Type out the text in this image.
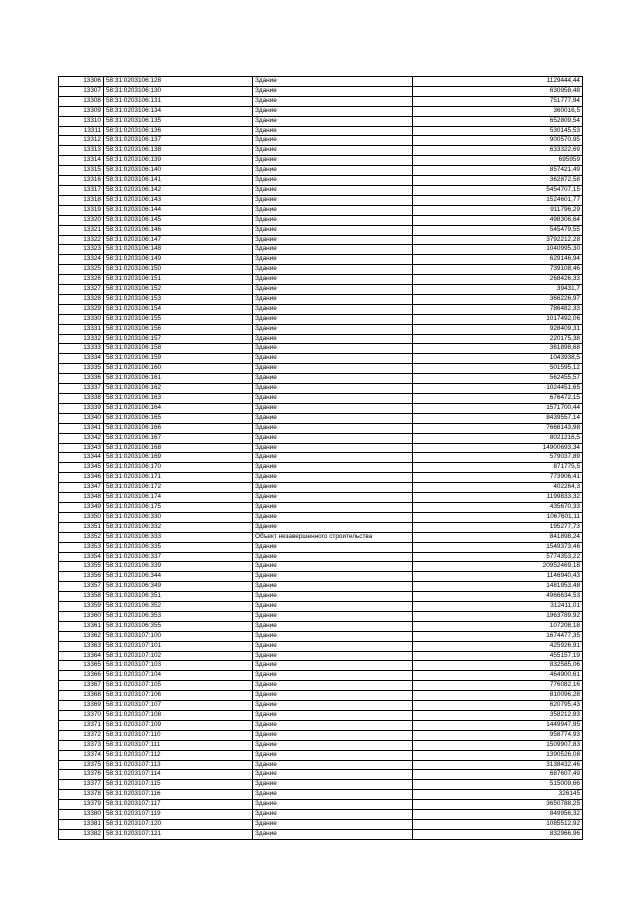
13306	58:31:0203106:128	Здание	1129444,44
13307	58:31:0203106:130	Здание	630958,48
13308	58:31:0203106:131	Здание	751777,94
13309	58:31:0203106:134	Здание	360016,5
13310	58:31:0203106:135	Здание	652809,54
13311	58:31:0203106:136	Здание	530145,53
13312	58:31:0203106:137	Здание	900570,95
13313	58:31:0203106:138	Здание	633322,69
13314	58:31:0203106:139	Здание	695959
13315	58:31:0203106:140	Здание	857421,49
13316	58:31:0203106:141	Здание	362872,58
13317	58:31:0203106:142	Здание	5454707,15
13318	58:31:0203106:143	Здание	1524601,77
13319	58:31:0203106:144	Здание	911796,29
13320	58:31:0203106:145	Здание	498306,64
13321	58:31:0203106:146	Здание	545479,55
13322	58:31:0203106:147	Здание	3792212,28
13323	58:31:0203106:148	Здание	1040995,30
13324	58:31:0203106:149	Здание	629146,94
13325	58:31:0203106:150	Здание	739108,46
13326	58:31:0203106:151	Здание	268426,33
13327	58:31:0203106:152	Здание	39431,7
13328	58:31:0203106:153	Здание	366226,97
13329	58:31:0203106:154	Здание	786482,33
13330	58:31:0203106:155	Здание	1017492,06
13331	58:31:0203106:156	Здание	928409,31
13332	58:31:0203106:157	Здание	220175,38
13333	58:31:0203106:158	Здание	361898,68
13334	58:31:0203106:159	Здание	1043938,5
13335	58:31:0203106:160	Здание	501595,12
13336	58:31:0203106:161	Здание	562455,57
13337	58:31:0203106:162	Здание	1024451,65
13338	58:31:0203106:163	Здание	676472,15
13339	58:31:0203106:164	Здание	1571700,44
13340	58:31:0203106:165	Здание	8439557,14
13341	58:31:0203106:166	Здание	7666143,98
13342	58:31:0203106:167	Здание	8021216,5
13343	58:31:0203106:168	Здание	14900693,34
13344	58:31:0203106:169	Здание	579037,89
13345	58:31:0203106:170	Здание	871775,5
13346	58:31:0203106:171	Здание	773906,41
13347	58:31:0203106:172	Здание	402264,3
13348	58:31:0203106:174	Здание	1199833,32
13349	58:31:0203106:175	Здание	435670,33
13350	58:31:0203106:330	Здание	1067601,11
13351	58:31:0203106:332	Здание	195277,73
13352	58:31:0203106:333	Объект незавершенного строительства	841898,24
13353	58:31:0203106:335	Здание	1549373,46
13354	58:31:0203106:337	Здание	5774353,22
13355	58:31:0203106:339	Здание	20952469,18
13356	58:31:0203106:344	Здание	1146940,43
13357	58:31:0203106:349	Здание	1481953,48
13358	58:31:0203106:351	Здание	4966634,53
13359	58:31:0203106:352	Здание	312411,01
13360	58:31:0203106:353	Здание	1963789,92
13361	58:31:0203106:355	Здание	107208,18
13362	58:31:0203107:100	Здание	1674477,35
13363	58:31:0203107:101	Здание	425926,91
13364	58:31:0203107:102	Здание	455157,19
13365	58:31:0203107:103	Здание	832585,06
13366	58:31:0203107:104	Здание	464900,61
13367	58:31:0203107:105	Здание	776082,16
13368	58:31:0203107:106	Здание	810096,28
13369	58:31:0203107:107	Здание	620795,43
13370	58:31:0203107:108	Здание	358212,83
13371	58:31:0203107:109	Здание	1449947,95
13372	58:31:0203107:110	Здание	958774,93
13373	58:31:0203107:111	Здание	1509907,83
13374	58:31:0203107:112	Здание	1390526,08
13375	58:31:0203107:113	Здание	3138432,46
13376	58:31:0203107:114	Здание	687607,49
13377	58:31:0203107:115	Здание	515009,66
13378	58:31:0203107:116	Здание	326145
13379	58:31:0203107:117	Здание	3650788,25
13380	58:31:0203107:119	Здание	849956,32
13381	58:31:0203107:120	Здание	1085512,92
13382	58:31:0203107:121	Здание	832966,96
